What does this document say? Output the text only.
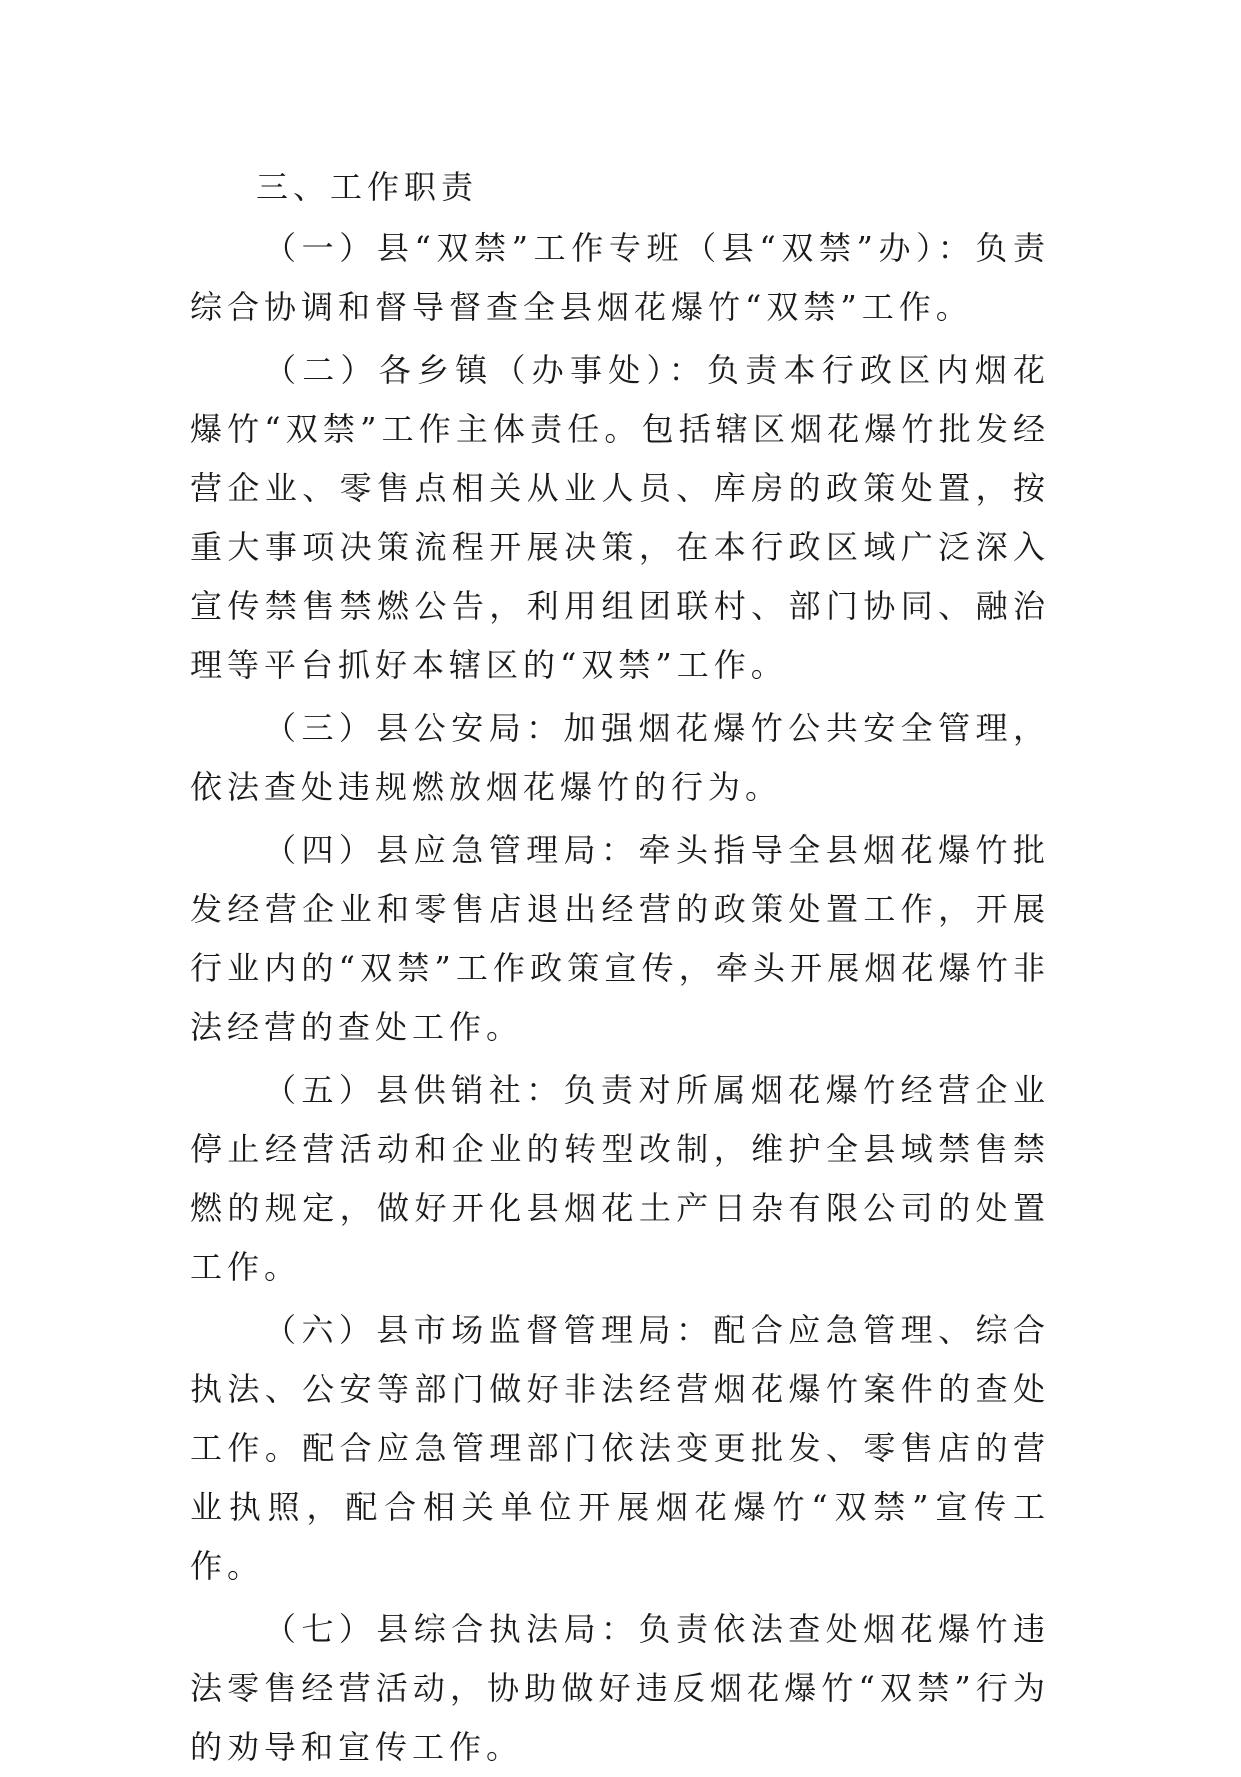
三、工作职责

（一）县“双禁”工作专班（县“双禁”办）：负责综合协调和督导督查全县烟花爆竹“双禁”工作。

（二）各乡镇（办事处）：负责本行政区内烟花爆竹“双禁”工作主体责任。包括辖区烟花爆竹批发经营企业、零售点相关从业人员、库房的政策处置，按重大事项决策流程开展决策，在本行政区域广泛深入宣传禁售禁燃公告，利用组团联村、部门协同、融治理等平台抓好本辖区的“双禁”工作。

（三）县公安局：加强烟花爆竹公共安全管理，依法查处违规燃放烟花爆竹的行为。

（四）县应急管理局：牵头指导全县烟花爆竹批发经营企业和零售店退出经营的政策处置工作，开展行业内的“双禁”工作政策宣传，牵头开展烟花爆竹非法经营的查处工作。

（五）县供销社：负责对所属烟花爆竹经营企业停止经营活动和企业的转型改制，维护全县域禁售禁燃的规定，做好开化县烟花土产日杂有限公司的处置工作。

（六）县市场监督管理局：配合应急管理、综合执法、公安等部门做好非法经营烟花爆竹案件的查处工作。配合应急管理部门依法变更批发、零售店的营业执照，配合相关单位开展烟花爆竹“双禁”宣传工作。

（七）县综合执法局：负责依法查处烟花爆竹违法零售经营活动，协助做好违反烟花爆竹“双禁”行为的劝导和宣传工作。
